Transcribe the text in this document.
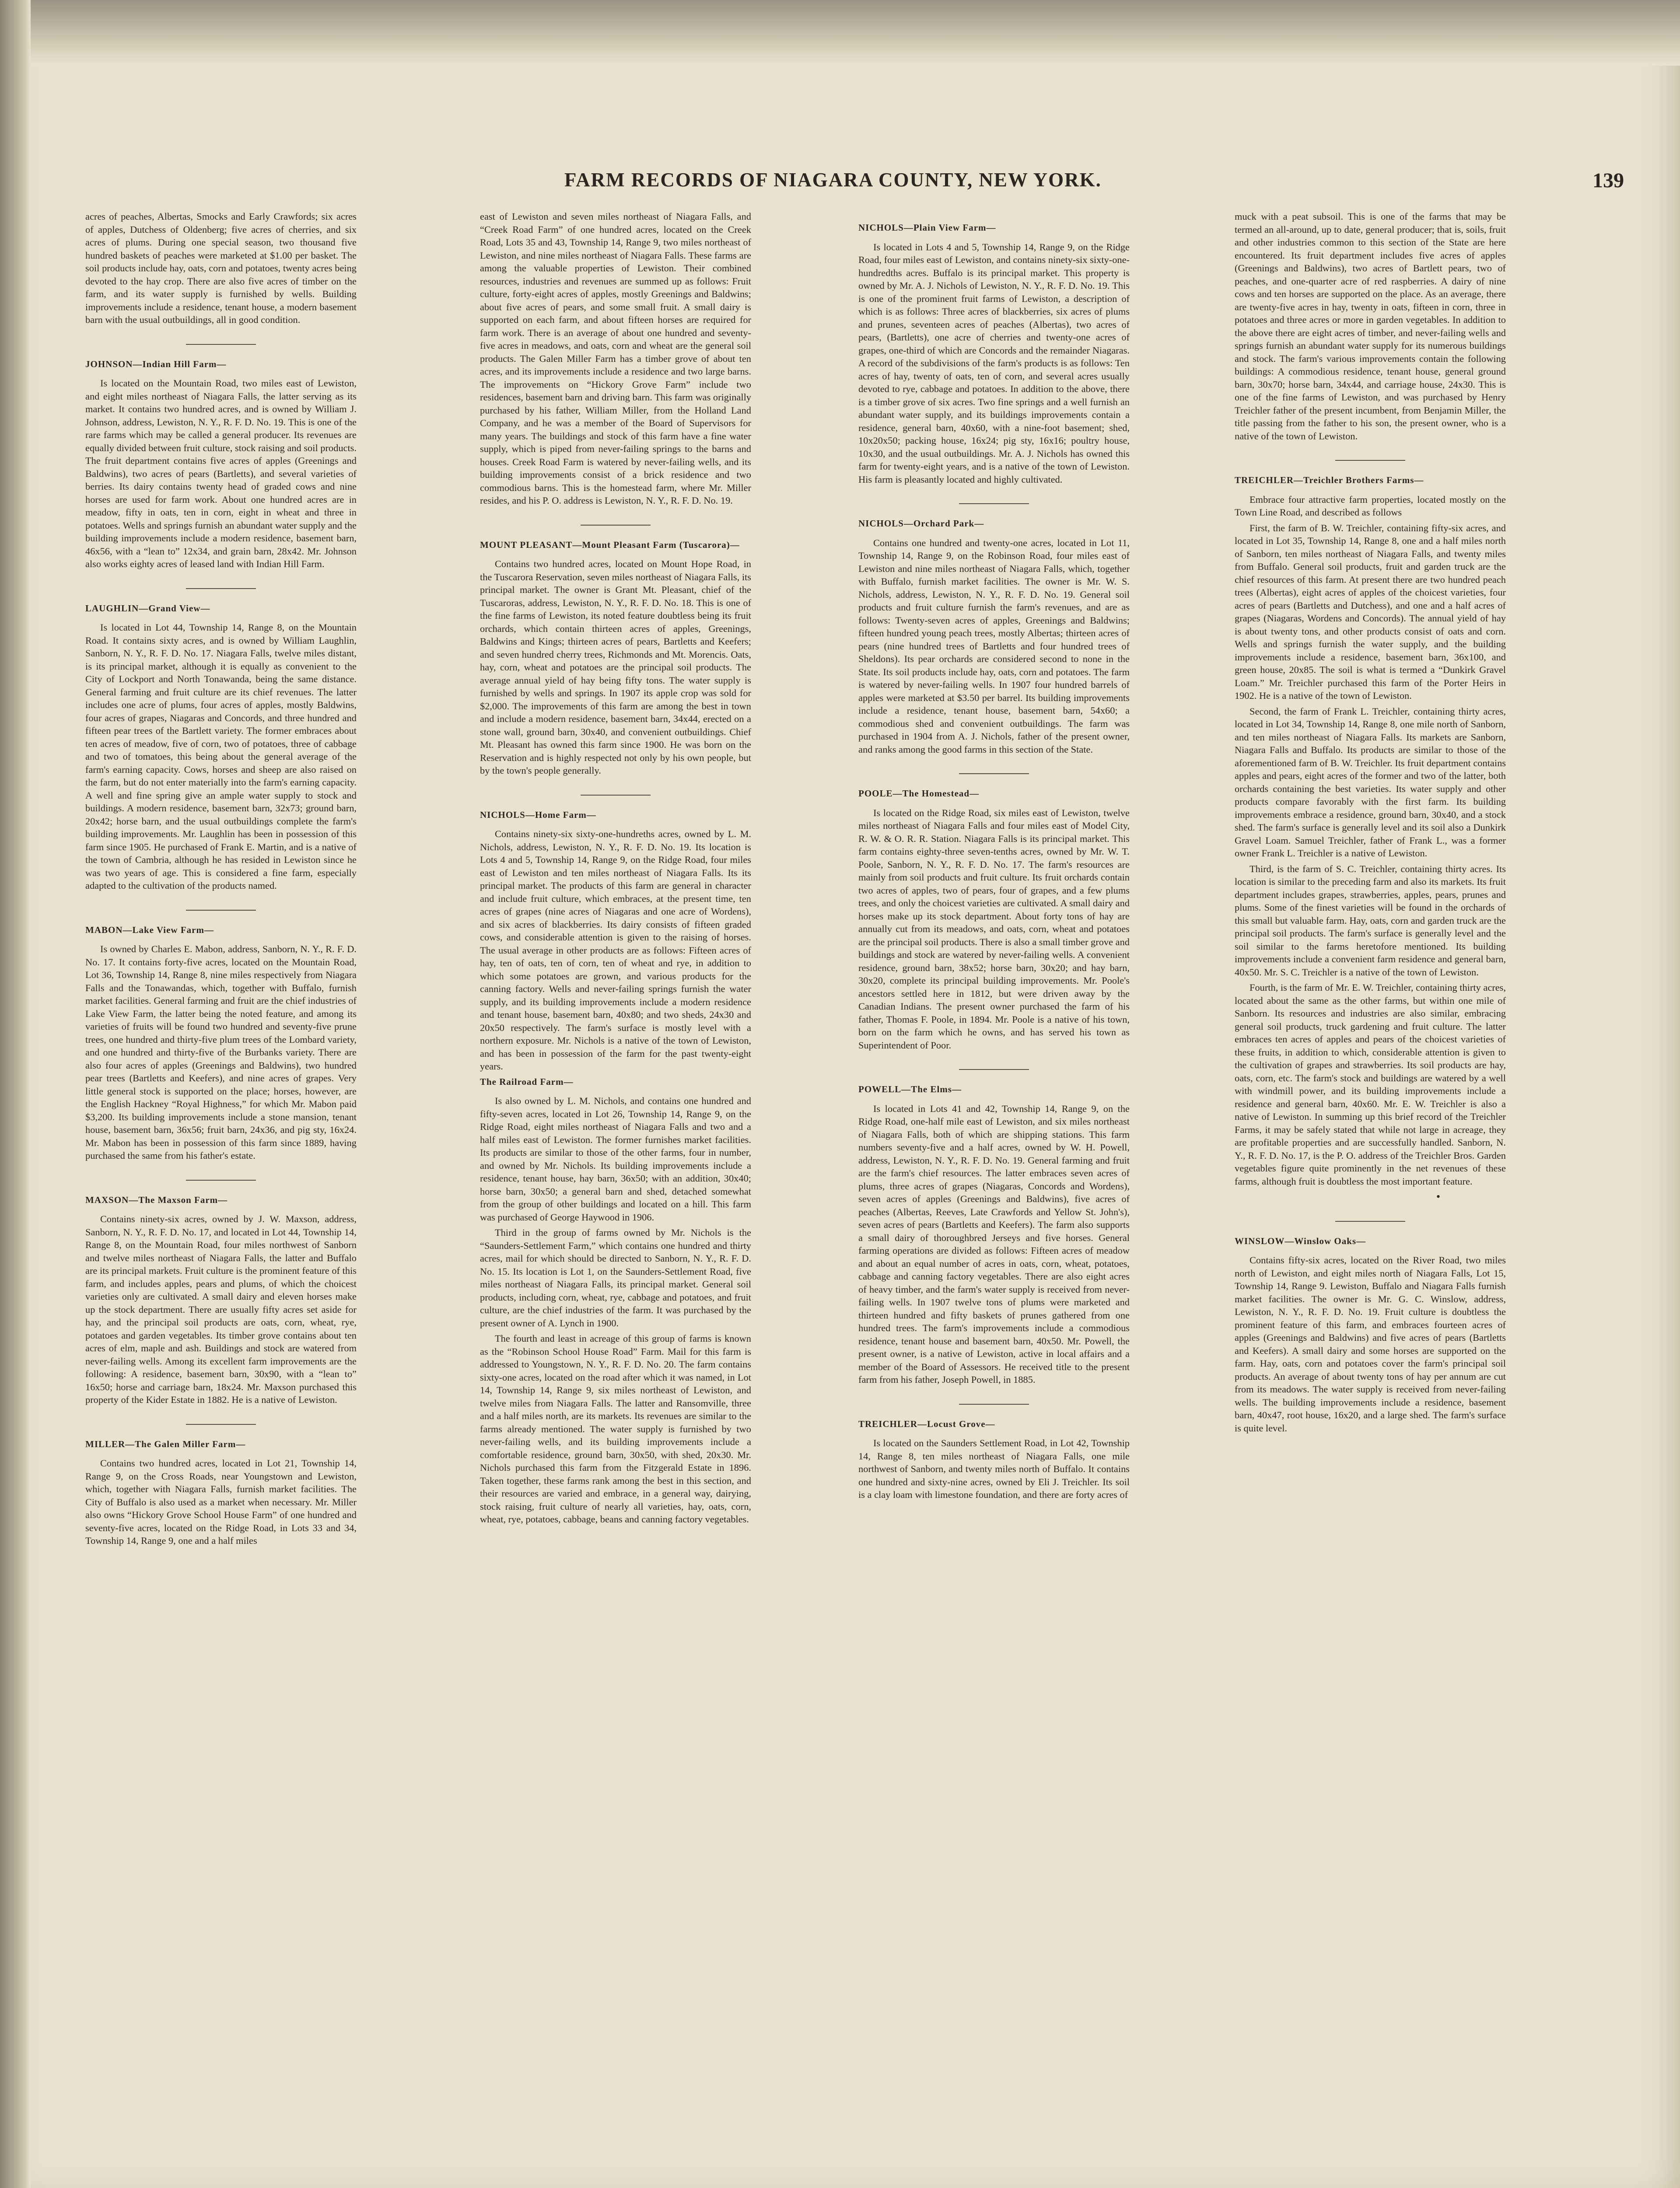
FARM RECORDS OF NIAGARA COUNTY, NEW YORK.	139

acres of peaches, Albertas, Smocks and Early Crawfords; six acres of apples, Dutchess of Oldenberg; five acres of cherries, and six acres of plums. During one special season, two thousand five hundred baskets of peaches were marketed at $1.00 per basket. The soil products include hay, oats, corn and potatoes, twenty acres being devoted to the hay crop. There are also five acres of timber on the farm, and its water supply is furnished by wells. Building improvements include a residence, tenant house, a modern basement barn with the usual outbuildings, all in good condition.

JOHNSON—Indian Hill Farm—

Is located on the Mountain Road, two miles east of Lewiston, and eight miles northeast of Niagara Falls, the latter serving as its market. It contains two hundred acres, and is owned by William J. Johnson, address, Lewiston, N. Y., R. F. D. No. 19. This is one of the rare farms which may be called a general producer. Its revenues are equally divided between fruit culture, stock raising and soil products. The fruit department contains five acres of apples (Greenings and Baldwins), two acres of pears (Bartletts), and several varieties of berries. Its dairy contains twenty head of graded cows and nine horses are used for farm work. About one hundred acres are in meadow, fifty in oats, ten in corn, eight in wheat and three in potatoes. Wells and springs furnish an abundant water supply and the building improvements include a modern residence, basement barn, 46x56, with a “lean to” 12x34, and grain barn, 28x42. Mr. Johnson also works eighty acres of leased land with Indian Hill Farm.

LAUGHLIN—Grand View—

Is located in Lot 44, Township 14, Range 8, on the Mountain Road. It contains sixty acres, and is owned by William Laughlin, Sanborn, N. Y., R. F. D. No. 17. Niagara Falls, twelve miles distant, is its principal market, although it is equally as convenient to the City of Lockport and North Tonawanda, being the same distance. General farming and fruit culture are its chief revenues. The latter includes one acre of plums, four acres of apples, mostly Baldwins, four acres of grapes, Niagaras and Concords, and three hundred and fifteen pear trees of the Bartlett variety. The former embraces about ten acres of meadow, five of corn, two of potatoes, three of cabbage and two of tomatoes, this being about the general average of the farm's earning capacity. Cows, horses and sheep are also raised on the farm, but do not enter materially into the farm's earning capacity. A well and fine spring give an ample water supply to stock and buildings. A modern residence, basement barn, 32x73; ground barn, 20x42; horse barn, and the usual outbuildings complete the farm's building improvements. Mr. Laughlin has been in possession of this farm since 1905. He purchased of Frank E. Martin, and is a native of the town of Cambria, although he has resided in Lewiston since he was two years of age. This is considered a fine farm, especially adapted to the cultivation of the products named.

MABON—Lake View Farm—

Is owned by Charles E. Mabon, address, Sanborn, N. Y., R. F. D. No. 17. It contains forty-five acres, located on the Mountain Road, Lot 36, Township 14, Range 8, nine miles respectively from Niagara Falls and the Tonawandas, which, together with Buffalo, furnish market facilities. General farming and fruit are the chief industries of Lake View Farm, the latter being the noted feature, and among its varieties of fruits will be found two hundred and seventy-five prune trees, one hundred and thirty-five plum trees of the Lombard variety, and one hundred and thirty-five of the Burbanks variety. There are also four acres of apples (Greenings and Baldwins), two hundred pear trees (Bartletts and Keefers), and nine acres of grapes. Very little general stock is supported on the place; horses, however, are the English Hackney “Royal Highness,” for which Mr. Mabon paid $3,200. Its building improvements include a stone mansion, tenant house, basement barn, 36x56; fruit barn, 24x36, and pig sty, 16x24. Mr. Mabon has been in possession of this farm since 1889, having purchased the same from his father's estate.

MAXSON—The Maxson Farm—

Contains ninety-six acres, owned by J. W. Maxson, address, Sanborn, N. Y., R. F. D. No. 17, and located in Lot 44, Township 14, Range 8, on the Mountain Road, four miles northwest of Sanborn and twelve miles northeast of Niagara Falls, the latter and Buffalo are its principal markets. Fruit culture is the prominent feature of this farm, and includes apples, pears and plums, of which the choicest varieties only are cultivated. A small dairy and eleven horses make up the stock department. There are usually fifty acres set aside for hay, and the principal soil products are oats, corn, wheat, rye, potatoes and garden vegetables. Its timber grove contains about ten acres of elm, maple and ash. Buildings and stock are watered from never-failing wells. Among its excellent farm improvements are the following: A residence, basement barn, 30x90, with a “lean to” 16x50; horse and carriage barn, 18x24. Mr. Maxson purchased this property of the Kider Estate in 1882. He is a native of Lewiston.

MILLER—The Galen Miller Farm—

Contains two hundred acres, located in Lot 21, Township 14, Range 9, on the Cross Roads, near Youngstown and Lewiston, which, together with Niagara Falls, furnish market facilities. The City of Buffalo is also used as a market when necessary. Mr. Miller also owns “Hickory Grove School House Farm” of one hundred and seventy-five acres, located on the Ridge Road, in Lots 33 and 34, Township 14, Range 9, one and a half miles

east of Lewiston and seven miles northeast of Niagara Falls, and “Creek Road Farm” of one hundred acres, located on the Creek Road, Lots 35 and 43, Township 14, Range 9, two miles northeast of Lewiston, and nine miles northeast of Niagara Falls. These farms are among the valuable properties of Lewiston. Their combined resources, industries and revenues are summed up as follows: Fruit culture, forty-eight acres of apples, mostly Greenings and Baldwins; about five acres of pears, and some small fruit. A small dairy is supported on each farm, and about fifteen horses are required for farm work. There is an average of about one hundred and seventy-five acres in meadows, and oats, corn and wheat are the general soil products. The Galen Miller Farm has a timber grove of about ten acres, and its improvements include a residence and two large barns. The improvements on “Hickory Grove Farm” include two residences, basement barn and driving barn. This farm was originally purchased by his father, William Miller, from the Holland Land Company, and he was a member of the Board of Supervisors for many years. The buildings and stock of this farm have a fine water supply, which is piped from never-failing springs to the barns and houses. Creek Road Farm is watered by never-failing wells, and its building improvements consist of a brick residence and two commodious barns. This is the homestead farm, where Mr. Miller resides, and his P. O. address is Lewiston, N. Y., R. F. D. No. 19.

MOUNT PLEASANT—Mount Pleasant Farm (Tuscarora)—

Contains two hundred acres, located on Mount Hope Road, in the Tuscarora Reservation, seven miles northeast of Niagara Falls, its principal market. The owner is Grant Mt. Pleasant, chief of the Tuscaroras, address, Lewiston, N. Y., R. F. D. No. 18. This is one of the fine farms of Lewiston, its noted feature doubtless being its fruit orchards, which contain thirteen acres of apples, Greenings, Baldwins and Kings; thirteen acres of pears, Bartletts and Keefers; and seven hundred cherry trees, Richmonds and Mt. Morencis. Oats, hay, corn, wheat and potatoes are the principal soil products. The average annual yield of hay being fifty tons. The water supply is furnished by wells and springs. In 1907 its apple crop was sold for $2,000. The improvements of this farm are among the best in town and include a modern residence, basement barn, 34x44, erected on a stone wall, ground barn, 30x40, and convenient outbuildings. Chief Mt. Pleasant has owned this farm since 1900. He was born on the Reservation and is highly respected not only by his own people, but by the town's people generally.

NICHOLS—Home Farm—

Contains ninety-six sixty-one-hundreths acres, owned by L. M. Nichols, address, Lewiston, N. Y., R. F. D. No. 19. Its location is Lots 4 and 5, Township 14, Range 9, on the Ridge Road, four miles east of Lewiston and ten miles northeast of Niagara Falls. Its its principal market. The products of this farm are general in character and include fruit culture, which embraces, at the present time, ten acres of grapes (nine acres of Niagaras and one acre of Wordens), and six acres of blackberries. Its dairy consists of fifteen graded cows, and considerable attention is given to the raising of horses. The usual average in other products are as follows: Fifteen acres of hay, ten of oats, ten of corn, ten of wheat and rye, in addition to which some potatoes are grown, and various products for the canning factory. Wells and never-failing springs furnish the water supply, and its building improvements include a modern residence and tenant house, basement barn, 40x80; and two sheds, 24x30 and 20x50 respectively. The farm's surface is mostly level with a northern exposure. Mr. Nichols is a native of the town of Lewiston, and has been in possession of the farm for the past twenty-eight years.

The Railroad Farm—

Is also owned by L. M. Nichols, and contains one hundred and fifty-seven acres, located in Lot 26, Township 14, Range 9, on the Ridge Road, eight miles northeast of Niagara Falls and two and a half miles east of Lewiston. The former furnishes market facilities. Its products are similar to those of the other farms, four in number, and owned by Mr. Nichols. Its building improvements include a residence, tenant house, hay barn, 36x50; with an addition, 30x40; horse barn, 30x50; a general barn and shed, detached somewhat from the group of other buildings and located on a hill. This farm was purchased of George Haywood in 1906.

Third in the group of farms owned by Mr. Nichols is the “Saunders-Settlement Farm,” which contains one hundred and thirty acres, mail for which should be directed to Sanborn, N. Y., R. F. D. No. 15. Its location is Lot 1, on the Saunders-Settlement Road, five miles northeast of Niagara Falls, its principal market. General soil products, including corn, wheat, rye, cabbage and potatoes, and fruit culture, are the chief industries of the farm. It was purchased by the present owner of A. Lynch in 1900.

The fourth and least in acreage of this group of farms is known as the “Robinson School House Road” Farm. Mail for this farm is addressed to Youngstown, N. Y., R. F. D. No. 20. The farm contains sixty-one acres, located on the road after which it was named, in Lot 14, Township 14, Range 9, six miles northeast of Lewiston, and twelve miles from Niagara Falls. The latter and Ransomville, three and a half miles north, are its markets. Its revenues are similar to the farms already mentioned. The water supply is furnished by two never-failing wells, and its building improvements include a comfortable residence, ground barn, 30x50, with shed, 20x30. Mr. Nichols purchased this farm from the Fitzgerald Estate in 1896. Taken together, these farms rank among the best in this section, and their resources are varied and embrace, in a general way, dairying, stock raising, fruit culture of nearly all varieties, hay, oats, corn, wheat, rye, potatoes, cabbage, beans and canning factory vegetables.

NICHOLS—Plain View Farm—

Is located in Lots 4 and 5, Township 14, Range 9, on the Ridge Road, four miles east of Lewiston, and contains ninety-six sixty-one-hundredths acres. Buffalo is its principal market. This property is owned by Mr. A. J. Nichols of Lewiston, N. Y., R. F. D. No. 19. This is one of the prominent fruit farms of Lewiston, a description of which is as follows: Three acres of blackberries, six acres of plums and prunes, seventeen acres of peaches (Albertas), two acres of pears, (Bartletts), one acre of cherries and twenty-one acres of grapes, one-third of which are Concords and the remainder Niagaras. A record of the subdivisions of the farm's products is as follows: Ten acres of hay, twenty of oats, ten of corn, and several acres usually devoted to rye, cabbage and potatoes. In addition to the above, there is a timber grove of six acres. Two fine springs and a well furnish an abundant water supply, and its buildings improvements contain a residence, general barn, 40x60, with a nine-foot basement; shed, 10x20x50; packing house, 16x24; pig sty, 16x16; poultry house, 10x30, and the usual outbuildings. Mr. A. J. Nichols has owned this farm for twenty-eight years, and is a native of the town of Lewiston. His farm is pleasantly located and highly cultivated.

NICHOLS—Orchard Park—

Contains one hundred and twenty-one acres, located in Lot 11, Township 14, Range 9, on the Robinson Road, four miles east of Lewiston and nine miles northeast of Niagara Falls, which, together with Buffalo, furnish market facilities. The owner is Mr. W. S. Nichols, address, Lewiston, N. Y., R. F. D. No. 19. General soil products and fruit culture furnish the farm's revenues, and are as follows: Twenty-seven acres of apples, Greenings and Baldwins; fifteen hundred young peach trees, mostly Albertas; thirteen acres of pears (nine hundred trees of Bartletts and four hundred trees of Sheldons). Its pear orchards are considered second to none in the State. Its soil products include hay, oats, corn and potatoes. The farm is watered by never-failing wells. In 1907 four hundred barrels of apples were marketed at $3.50 per barrel. Its building improvements include a residence, tenant house, basement barn, 54x60; a commodious shed and convenient outbuildings. The farm was purchased in 1904 from A. J. Nichols, father of the present owner, and ranks among the good farms in this section of the State.

POOLE—The Homestead—

Is located on the Ridge Road, six miles east of Lewiston, twelve miles northeast of Niagara Falls and four miles east of Model City, R. W. & O. R. R. Station. Niagara Falls is its principal market. This farm contains eighty-three seven-tenths acres, owned by Mr. W. T. Poole, Sanborn, N. Y., R. F. D. No. 17. The farm's resources are mainly from soil products and fruit culture. Its fruit orchards contain two acres of apples, two of pears, four of grapes, and a few plums trees, and only the choicest varieties are cultivated. A small dairy and horses make up its stock department. About forty tons of hay are annually cut from its meadows, and oats, corn, wheat and potatoes are the principal soil products. There is also a small timber grove and buildings and stock are watered by never-failing wells. A convenient residence, ground barn, 38x52; horse barn, 30x20; and hay barn, 30x20, complete its principal building improvements. Mr. Poole's ancestors settled here in 1812, but were driven away by the Canadian Indians. The present owner purchased the farm of his father, Thomas F. Poole, in 1894. Mr. Poole is a native of his town, born on the farm which he owns, and has served his town as Superintendent of Poor.

POWELL—The Elms—

Is located in Lots 41 and 42, Township 14, Range 9, on the Ridge Road, one-half mile east of Lewiston, and six miles northeast of Niagara Falls, both of which are shipping stations. This farm numbers seventy-five and a half acres, owned by W. H. Powell, address, Lewiston, N. Y., R. F. D. No. 19. General farming and fruit are the farm's chief resources. The latter embraces seven acres of plums, three acres of grapes (Niagaras, Concords and Wordens), seven acres of apples (Greenings and Baldwins), five acres of peaches (Albertas, Reeves, Late Crawfords and Yellow St. John's), seven acres of pears (Bartletts and Keefers). The farm also supports a small dairy of thoroughbred Jerseys and five horses. General farming operations are divided as follows: Fifteen acres of meadow and about an equal number of acres in oats, corn, wheat, potatoes, cabbage and canning factory vegetables. There are also eight acres of heavy timber, and the farm's water supply is received from never-failing wells. In 1907 twelve tons of plums were marketed and thirteen hundred and fifty baskets of prunes gathered from one hundred trees. The farm's improvements include a commodious residence, tenant house and basement barn, 40x50. Mr. Powell, the present owner, is a native of Lewiston, active in local affairs and a member of the Board of Assessors. He received title to the present farm from his father, Joseph Powell, in 1885.

TREICHLER—Locust Grove—

Is located on the Saunders Settlement Road, in Lot 42, Township 14, Range 8, ten miles northeast of Niagara Falls, one mile northwest of Sanborn, and twenty miles north of Buffalo. It contains one hundred and sixty-nine acres, owned by Eli J. Treichler. Its soil is a clay loam with limestone foundation, and there are forty acres of

muck with a peat subsoil. This is one of the farms that may be termed an all-around, up to date, general producer; that is, soils, fruit and other industries common to this section of the State are here encountered. Its fruit department includes five acres of apples (Greenings and Baldwins), two acres of Bartlett pears, two of peaches, and one-quarter acre of red raspberries. A dairy of nine cows and ten horses are supported on the place. As an average, there are twenty-five acres in hay, twenty in oats, fifteen in corn, three in potatoes and three acres or more in garden vegetables. In addition to the above there are eight acres of timber, and never-failing wells and springs furnish an abundant water supply for its numerous buildings and stock. The farm's various improvements contain the following buildings: A commodious residence, tenant house, general ground barn, 30x70; horse barn, 34x44, and carriage house, 24x30. This is one of the fine farms of Lewiston, and was purchased by Henry Treichler father of the present incumbent, from Benjamin Miller, the title passing from the father to his son, the present owner, who is a native of the town of Lewiston.

TREICHLER—Treichler Brothers Farms—

Embrace four attractive farm properties, located mostly on the Town Line Road, and described as follows

First, the farm of B. W. Treichler, containing fifty-six acres, and located in Lot 35, Township 14, Range 8, one and a half miles north of Sanborn, ten miles northeast of Niagara Falls, and twenty miles from Buffalo. General soil products, fruit and garden truck are the chief resources of this farm. At present there are two hundred peach trees (Albertas), eight acres of apples of the choicest varieties, four acres of pears (Bartletts and Dutchess), and one and a half acres of grapes (Niagaras, Wordens and Concords). The annual yield of hay is about twenty tons, and other products consist of oats and corn. Wells and springs furnish the water supply, and the building improvements include a residence, basement barn, 36x100, and green house, 20x85. The soil is what is termed a “Dunkirk Gravel Loam.” Mr. Treichler purchased this farm of the Porter Heirs in 1902. He is a native of the town of Lewiston.

Second, the farm of Frank L. Treichler, containing thirty acres, located in Lot 34, Township 14, Range 8, one mile north of Sanborn, and ten miles northeast of Niagara Falls. Its markets are Sanborn, Niagara Falls and Buffalo. Its products are similar to those of the aforementioned farm of B. W. Treichler. Its fruit department contains apples and pears, eight acres of the former and two of the latter, both orchards containing the best varieties. Its water supply and other products compare favorably with the first farm. Its building improvements embrace a residence, ground barn, 30x40, and a stock shed. The farm's surface is generally level and its soil also a Dunkirk Gravel Loam. Samuel Treichler, father of Frank L., was a former owner Frank L. Treichler is a native of Lewiston.

Third, is the farm of S. C. Treichler, containing thirty acres. Its location is similar to the preceding farm and also its markets. Its fruit department includes grapes, strawberries, apples, pears, prunes and plums. Some of the finest varieties will be found in the orchards of this small but valuable farm. Hay, oats, corn and garden truck are the principal soil products. The farm's surface is generally level and the soil similar to the farms heretofore mentioned. Its building improvements include a convenient farm residence and general barn, 40x50. Mr. S. C. Treichler is a native of the town of Lewiston.

Fourth, is the farm of Mr. E. W. Treichler, containing thirty acres, located about the same as the other farms, but within one mile of Sanborn. Its resources and industries are also similar, embracing general soil products, truck gardening and fruit culture. The latter embraces ten acres of apples and pears of the choicest varieties of these fruits, in addition to which, considerable attention is given to the cultivation of grapes and strawberries. Its soil products are hay, oats, corn, etc. The farm's stock and buildings are watered by a well with windmill power, and its building improvements include a residence and general barn, 40x60. Mr. E. W. Treichler is also a native of Lewiston. In summing up this brief record of the Treichler Farms, it may be safely stated that while not large in acreage, they are profitable properties and are successfully handled. Sanborn, N. Y., R. F. D. No. 17, is the P. O. address of the Treichler Bros. Garden vegetables figure quite prominently in the net revenues of these farms, although fruit is doubtless the most important feature.

•
WINSLOW—Winslow Oaks—

Contains fifty-six acres, located on the River Road, two miles north of Lewiston, and eight miles north of Niagara Falls, Lot 15, Township 14, Range 9. Lewiston, Buffalo and Niagara Falls furnish market facilities. The owner is Mr. G. C. Winslow, address, Lewiston, N. Y., R. F. D. No. 19. Fruit culture is doubtless the prominent feature of this farm, and embraces fourteen acres of apples (Greenings and Baldwins) and five acres of pears (Bartletts and Keefers). A small dairy and some horses are supported on the farm. Hay, oats, corn and potatoes cover the farm's principal soil products. An average of about twenty tons of hay per annum are cut from its meadows. The water supply is received from never-failing wells. The building improvements include a residence, basement barn, 40x47, root house, 16x20, and a large shed. The farm's surface is quite level.
